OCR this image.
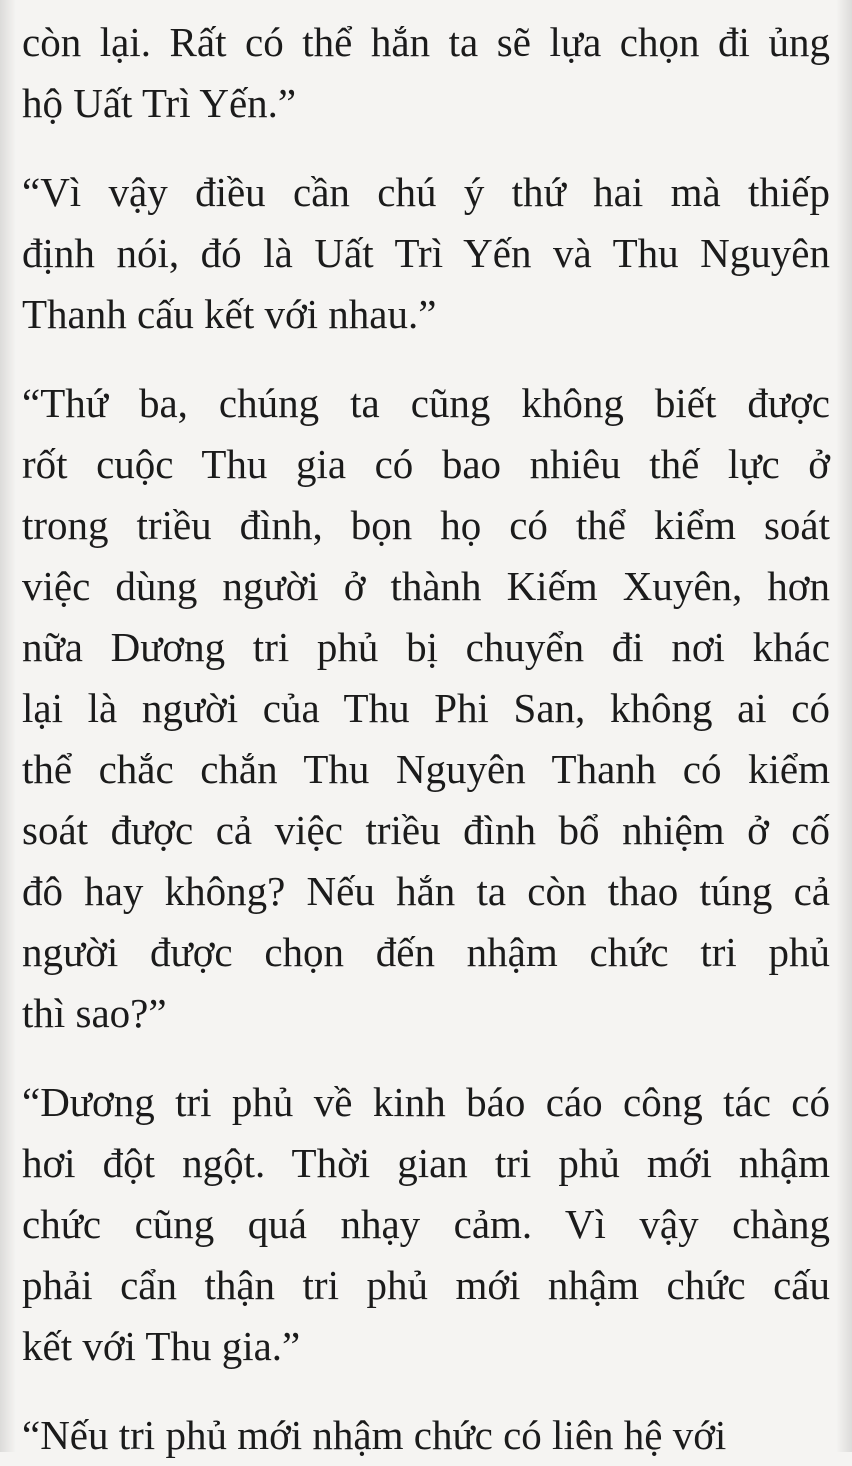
còn lại. Rất có thể hắn ta sẽ lựa chọn đi ủng
hộ Uất Trì Yến.”

“Vì vậy điều cần chú ý thứ hai mà thiếp
định nói, đó là Uất Trì Yến và Thu Nguyên
Thanh cấu kết với nhau.”

“Thứ ba, chúng ta cũng không biết được
rốt cuộc Thu gia có bao nhiêu thế lực ở
trong triều đình, bọn họ có thể kiểm soát
việc dùng người ở thành Kiếm Xuyên, hơn
nữa Dương tri phủ bị chuyển đi nơi khác
lại là người của Thu Phi San, không ai có
thể chắc chắn Thu Nguyên Thanh có kiểm
soát được cả việc triều đình bổ nhiệm ở cố
đô hay không? Nếu hắn ta còn thao túng cả
người được chọn đến nhậm chức tri phủ
thì sao?”

“Dương tri phủ về kinh báo cáo công tác có
hơi đột ngột. Thời gian tri phủ mới nhậm
chức cũng quá nhạy cảm. Vì vậy chàng
phải cẩn thận tri phủ mới nhậm chức cấu
kết với Thu gia.”

“Nếu tri phủ mới nhậm chức có liên hệ với
